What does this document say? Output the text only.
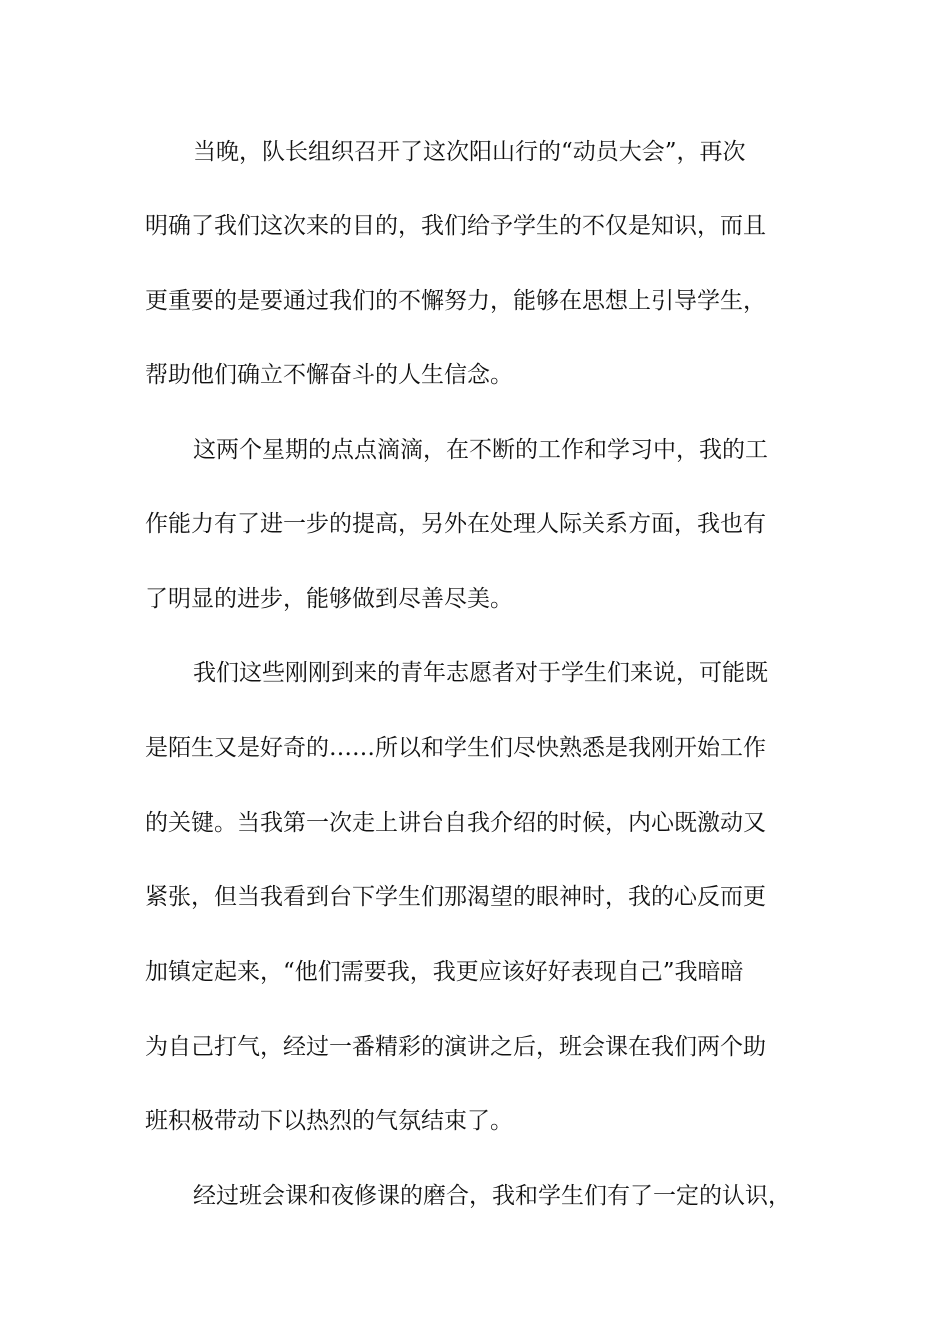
当晚，队长组织召开了这次阳山行的“动员大会”，再次

明确了我们这次来的目的，我们给予学生的不仅是知识，而且

更重要的是要通过我们的不懈努力，能够在思想上引导学生，

帮助他们确立不懈奋斗的人生信念。

这两个星期的点点滴滴，在不断的工作和学习中，我的工

作能力有了进一步的提高，另外在处理人际关系方面，我也有

了明显的进步，能够做到尽善尽美。

我们这些刚刚到来的青年志愿者对于学生们来说，可能既

是陌生又是好奇的……所以和学生们尽快熟悉是我刚开始工作

的关键。当我第一次走上讲台自我介绍的时候，内心既激动又

紧张，但当我看到台下学生们那渴望的眼神时，我的心反而更

加镇定起来，“他们需要我，我更应该好好表现自己”我暗暗

为自己打气，经过一番精彩的演讲之后，班会课在我们两个助

班积极带动下以热烈的气氛结束了。

经过班会课和夜修课的磨合，我和学生们有了一定的认识，
